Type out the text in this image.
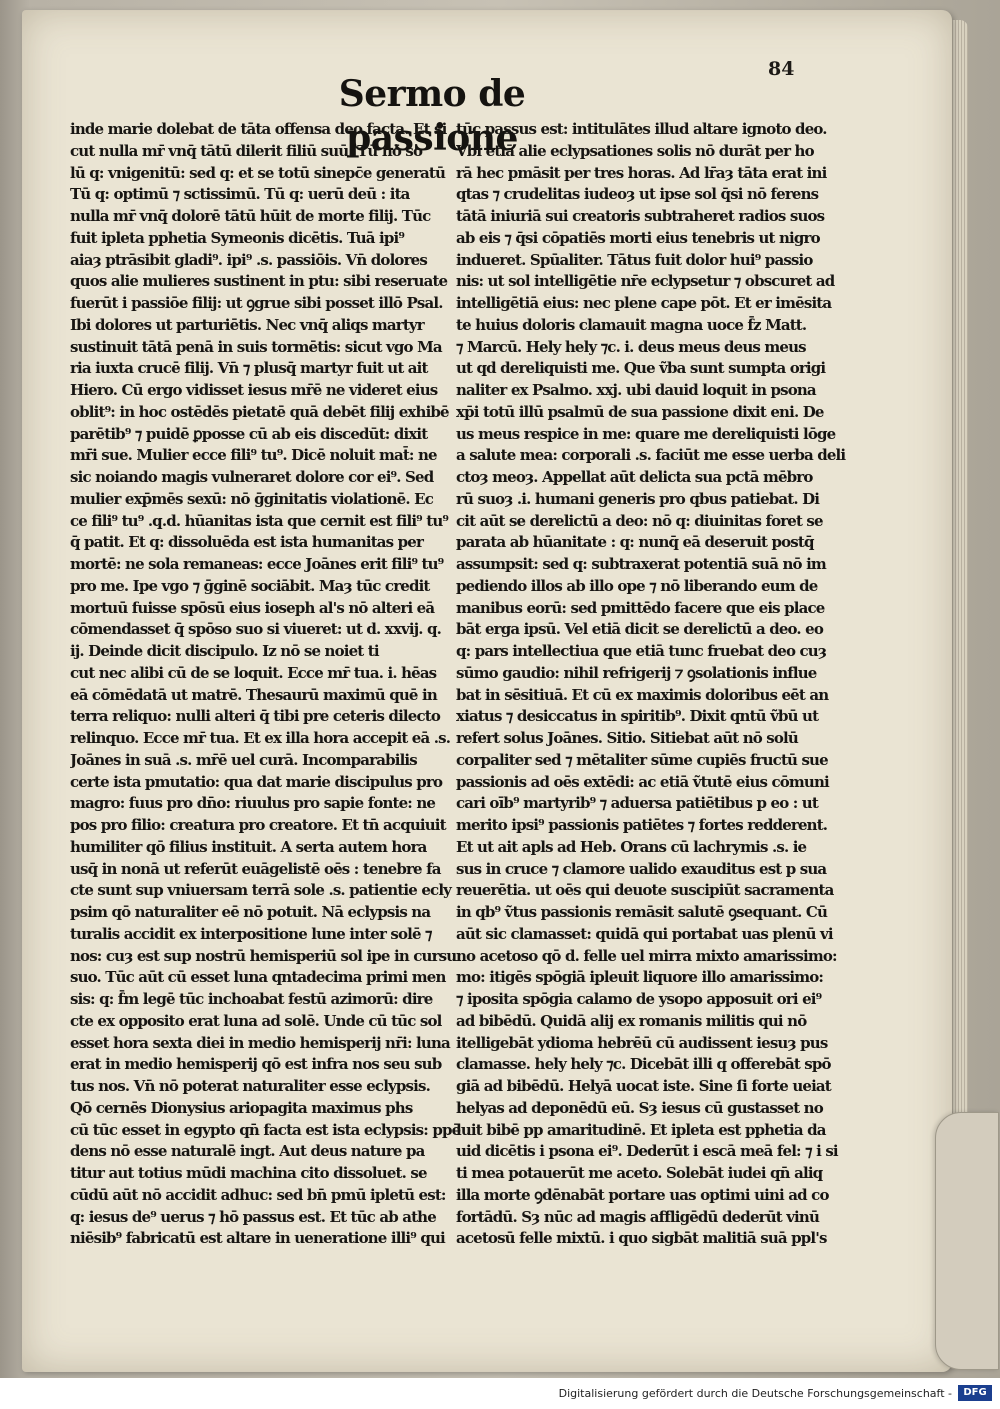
Sermo de passione
84
inde marie dolebat de tāta offensa deo facta. Et si
cut nulla mr̄ vnq̄ tātū dilerit filiū suū. Tū nō so
lū q: vnigenitū: sed q: et se totū sinepc̄e generatū
Tū q: optimū ⁊ sctissimū. Tū q: uerū deū : ita
nulla mr̄ vnq̄ dolorē tātū hūit de morte filij. Tūc
fuit ipleta pphetia Symeonis dicētis. Tuā ipi⁹
aiaȝ ptrāsibit gladi⁹. ipi⁹ .s. passiōis. Vn̄ dolores
quos alie mulieres sustinent in ptu: sibi reseruate
fuerūt i passiōe filij: ut ꝯgrue sibi posset illō Psal.
Ibi dolores ut parturiētis. Nec vnq̄ aliqs martyr
sustinuit tātā penā in suis tormētis: sicut vgo Ma
ria iuxta crucē filij. Vn̄ ⁊ plusq̄ martyr fuit ut ait
Hiero. Cū ergo vidisset iesus mr̄ē ne videret eius
oblit⁹: in hoc ostēdēs pietatē quā debēt filij exhibē
parētib⁹ ⁊ puidē ꝑposse cū ab eis discedūt: dixit
mr̄i sue. Mulier ecce fili⁹ tu⁹. Dicē noluit mat̄: ne
sic noiando magis vulneraret dolore cor ei⁹. Sed
mulier exp̄mēs sexū: nō ḡginitatis violationē. Ec
ce fili⁹ tu⁹ .q.d. hūanitas ista que cernit est fili⁹ tu⁹
q̄ patit. Et q: dissoluēda est ista humanitas per
mortē: ne sola remaneas: ecce Joānes erit fili⁹ tu⁹
pro me. Ipe vgo ⁊ ḡginē sociābit. Maȝ tūc credit
mortuū fuisse spōsū eius ioseph al's nō alteri eā
cōmendasset q̄ spōso suo si viueret: ut d. xxvij. q.
ij. Deinde dicit discipulo. Iz nō se noiet ti
cut nec alibi cū de se loquit. Ecce mr̄ tua. i. hēas
eā cōmēdatā ut matrē. Thesaurū maximū quē in
terra reliquo: nulli alteri q̄ tibi pre ceteris dilecto
relinquo. Ecce mr̄ tua. Et ex illa hora accepit eā .s.
Joānes in suā .s. mr̄ē uel curā. Incomparabilis
certe ista pmutatio: qua dat marie discipulus pro
magro: fuus pro dn̄o: riuulus pro sapie fonte: ne
pos pro filio: creatura pro creatore. Et tn̄ acquiuit
humiliter qō filius instituit. A serta autem hora
usq̄ in nonā ut referūt euāgelistē oēs : tenebre fa
cte sunt sup vniuersam terrā sole .s. patientie ecly
psim qō naturaliter eē nō potuit. Nā eclypsis na
turalis accidit ex interpositione lune inter solē ⁊
nos: cuȝ est sup nostrū hemisperiū sol ipe in cursu
suo. Tūc aūt cū esset luna qntadecima primi men
sis: q: f̄m legē tūc inchoabat festū azimorū: dire
cte ex opposito erat luna ad solē. Unde cū tūc sol
esset hora sexta diei in medio hemisperij nr̄i: luna
erat in medio hemisperij qō est infra nos seu sub
tus nos. Vn̄ nō poterat naturaliter esse eclypsis.
Qō cernēs Dionysius ariopagita maximus phs
cū tūc esset in egypto qn̄ facta est ista eclypsis: ppē
dens nō esse naturalē ingt. Aut deus nature pa
titur aut totius mūdi machina cito dissoluet. se
cūdū aūt nō accidit adhuc: sed bn̄ pmū ipletū est:
q: iesus de⁹ uerus ⁊ hō passus est. Et tūc ab athe
niēsib⁹ fabricatū est altare in ueneratione illi⁹ qui
tūc passus est: intitulātes illud altare ignoto deo.
Vbi etiā alie eclypsationes solis nō durāt per ho
rā hec pmāsit per tres horas. Ad lr̄aȝ tāta erat ini
qtas ⁊ crudelitas iudeoȝ ut ipse sol q̄si nō ferens
tātā iniuriā sui creatoris subtraheret radios suos
ab eis ⁊ q̄si cōpatiēs morti eius tenebris ut nigro
indueret. Spūaliter. Tātus fuit dolor hui⁹ passio
nis: ut sol intelligētie nr̄e eclypsetur ⁊ obscuret ad
intelligētiā eius: nec plene cape pōt. Et er imēsita
te huius doloris clamauit magna uoce f̄z Matt.
⁊ Marcū. Hely hely ⁊c. i. deus meus deus meus
ut qd dereliquisti me. Que ṽba sunt sumpta origi
naliter ex Psalmo. xxj. ubi dauid loquit in psona
xp̄i totū illū psalmū de sua passione dixit eni. De
us meus respice in me: quare me dereliquisti lōge
a salute mea: corporali .s. faciūt me esse uerba deli
ctoȝ meoȝ. Appellat aūt delicta sua pctā mēbro
rū suoȝ .i. humani generis pro qbus patiebat. Di
cit aūt se derelictū a deo: nō q: diuinitas foret se
parata ab hūanitate : q: nunq̄ eā deseruit postq̄
assumpsit: sed q: subtraxerat potentiā suā nō im
pediendo illos ab illo ope ⁊ nō liberando eum de
manibus eorū: sed pmittēdo facere que eis place
bāt erga ipsū. Vel etiā dicit se derelictū a deo. eo
q: pars intellectiua que etiā tunc fruebat deo cuȝ
sūmo gaudio: nihil refrigerij ⁊ ꝯsolationis influe
bat in sēsitiuā. Et cū ex maximis doloribus eēt an
xiatus ⁊ desiccatus in spiritib⁹. Dixit qntū ṽbū ut
refert solus Joānes. Sitio. Sitiebat aūt nō solū
corpaliter sed ⁊ mētaliter sūme cupiēs fructū sue
passionis ad oēs extēdi: ac etiā ṽtutē eius cōmuni
cari oīb⁹ martyrib⁹ ⁊ aduersa patiētibus p eo : ut
merito ipsi⁹ passionis patiētes ⁊ fortes redderent.
Et ut ait apls ad Heb. Orans cū lachrymis .s. ie
sus in cruce ⁊ clamore ualido exauditus est p sua
reuerētia. ut oēs qui deuote suscipiūt sacramenta
in qb⁹ ṽtus passionis remāsit salutē ꝯsequant. Cū
aūt sic clamasset: quidā qui portabat uas plenū vi
no acetoso qō d. felle uel mirra mixto amarissimo:
mo: itigēs spōgiā ipleuit liquore illo amarissimo:
⁊ iposita spōgia calamo de ysopo apposuit ori ei⁹
ad bibēdū. Quidā alij ex romanis militis qui nō
itelligebāt ydioma hebrēū cū audissent iesuȝ pus
clamasse. hely hely ⁊c. Dicebāt illi q offerebāt spō
giā ad bibēdū. Helyā uocat iste. Sine ſi forte ueiat
helyas ad deponēdū eū. Sȝ iesus cū gustasset no
luit bibē pp amaritudinē. Et ipleta est pphetia da
uid dicētis i psona ei⁹. Dederūt i escā meā fel: ⁊ i si
ti mea potauerūt me aceto. Solebāt iudei qn̄ aliq
illa morte ꝯdēnabāt portare uas optimi uini ad co
fortādū. Sȝ nūc ad magis affligēdū dederūt vinū
acetosū felle mixtū. i quo sigbāt malitiā suā ppl's
Digitalisierung gefördert durch die Deutsche Forschungsgemeinschaft -	DFG
